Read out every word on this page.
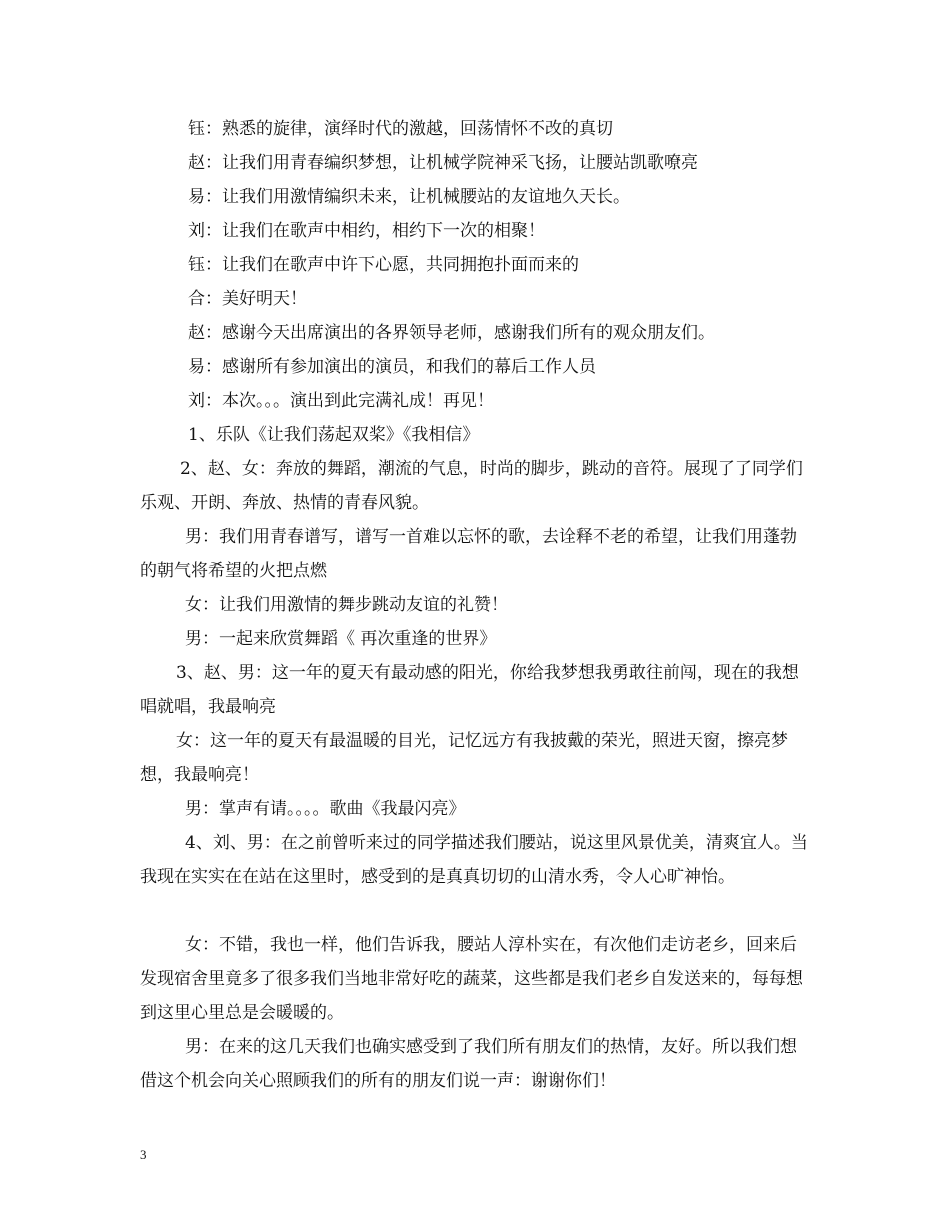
钰：熟悉的旋律，演绎时代的激越，回荡情怀不改的真切

赵：让我们用青春编织梦想，让机械学院神采飞扬，让腰站凯歌嘹亮

易：让我们用激情编织未来，让机械腰站的友谊地久天长。

刘：让我们在歌声中相约，相约下一次的相聚！

钰：让我们在歌声中许下心愿，共同拥抱扑面而来的

合：美好明天！

赵：感谢今天出席演出的各界领导老师，感谢我们所有的观众朋友们。

易：感谢所有参加演出的演员，和我们的幕后工作人员

刘：本次。。。演出到此完满礼成！再见！

1、乐队《让我们荡起双桨》《我相信》

2、赵、女：奔放的舞蹈，潮流的气息，时尚的脚步，跳动的音符。展现了了同学们乐观、开朗、奔放、热情的青春风貌。

男：我们用青春谱写，谱写一首难以忘怀的歌，去诠释不老的希望，让我们用蓬勃的朝气将希望的火把点燃

女：让我们用激情的舞步跳动友谊的礼赞！

男：一起来欣赏舞蹈《 再次重逢的世界》

3、赵、男：这一年的夏天有最动感的阳光，你给我梦想我勇敢往前闯，现在的我想唱就唱，我最响亮

女：这一年的夏天有最温暖的目光，记忆远方有我披戴的荣光，照进天窗，擦亮梦想，我最响亮！

男：掌声有请。。。。歌曲《我最闪亮》

4、刘、男：在之前曾听来过的同学描述我们腰站，说这里风景优美，清爽宜人。当我现在实实在在站在这里时，感受到的是真真切切的山清水秀，令人心旷神怡。

女：不错，我也一样，他们告诉我，腰站人淳朴实在，有次他们走访老乡，回来后发现宿舍里竟多了很多我们当地非常好吃的蔬菜，这些都是我们老乡自发送来的，每每想到这里心里总是会暖暖的。

男：在来的这几天我们也确实感受到了我们所有朋友们的热情，友好。所以我们想借这个机会向关心照顾我们的所有的朋友们说一声：谢谢你们！

3
